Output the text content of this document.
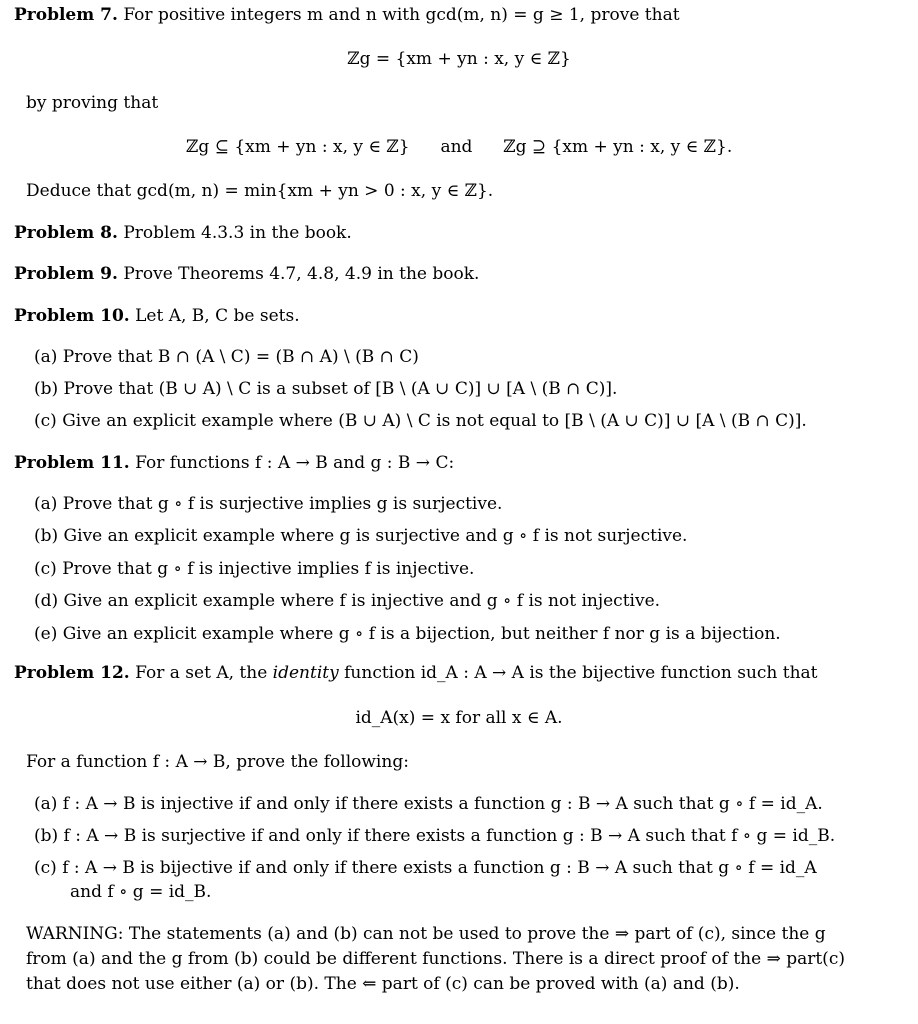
Problem 7. For positive integers m and n with gcd(m, n) = g ≥ 1, prove that
ℤg = {xm + yn : x, y ∈ ℤ}
by proving that
ℤg ⊆ {xm + yn : x, y ∈ ℤ} and ℤg ⊇ {xm + yn : x, y ∈ ℤ}.
Deduce that gcd(m, n) = min{xm + yn > 0 : x, y ∈ ℤ}.
Problem 8. Problem 4.3.3 in the book.
Problem 9. Prove Theorems 4.7, 4.8, 4.9 in the book.
Problem 10. Let A, B, C be sets.
(a) Prove that B ∩ (A \ C) = (B ∩ A) \ (B ∩ C)
(b) Prove that (B ∪ A) \ C is a subset of [B \ (A ∪ C)] ∪ [A \ (B ∩ C)].
(c) Give an explicit example where (B ∪ A) \ C is not equal to [B \ (A ∪ C)] ∪ [A \ (B ∩ C)].
Problem 11. For functions f : A → B and g : B → C:
(a) Prove that g ∘ f is surjective implies g is surjective.
(b) Give an explicit example where g is surjective and g ∘ f is not surjective.
(c) Prove that g ∘ f is injective implies f is injective.
(d) Give an explicit example where f is injective and g ∘ f is not injective.
(e) Give an explicit example where g ∘ f is a bijection, but neither f nor g is a bijection.
Problem 12. For a set A, the identity function id_A : A → A is the bijective function such that
id_A(x) = x for all x ∈ A.
For a function f : A → B, prove the following:
(a) f : A → B is injective if and only if there exists a function g : B → A such that g ∘ f = id_A.
(b) f : A → B is surjective if and only if there exists a function g : B → A such that f ∘ g = id_B.
(c) f : A → B is bijective if and only if there exists a function g : B → A such that g ∘ f = id_A
and f ∘ g = id_B.
WARNING: The statements (a) and (b) can not be used to prove the ⇒ part of (c), since the g
from (a) and the g from (b) could be different functions. There is a direct proof of the ⇒ part(c)
that does not use either (a) or (b). The ⇐ part of (c) can be proved with (a) and (b).
